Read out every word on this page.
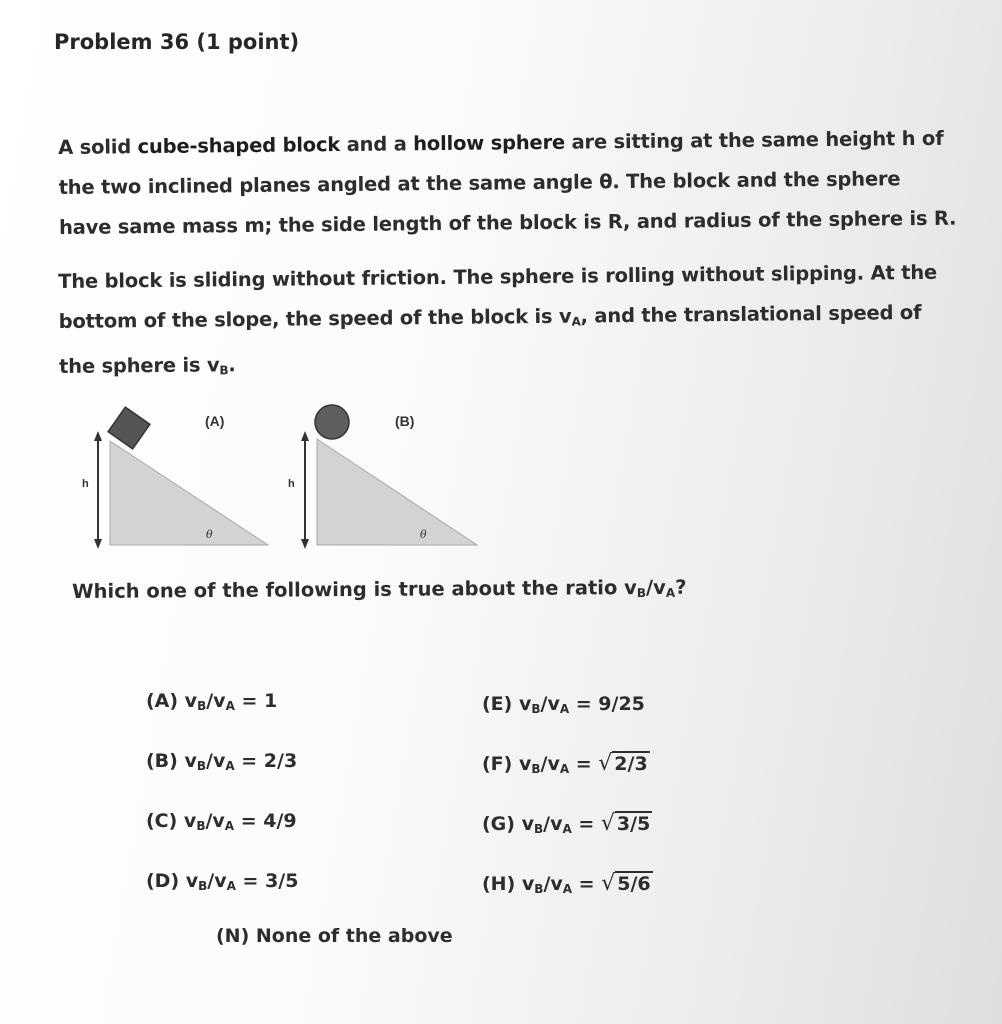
Problem 36 (1 point)
A solid cube-shaped block and a hollow sphere are sitting at the same height h of
the two inclined planes angled at the same angle θ. The block and the sphere
have same mass m; the side length of the block is R, and radius of the sphere is R.
The block is sliding without friction. The sphere is rolling without slipping. At the
bottom of the slope, the speed of the block is $v_A$, and the translational speed of
the sphere is $v_B$.
h
(A)
θ
h
(B)
θ
Which one of the following is true about the ratio $v_B/v_A$?
(A) $v_B/v_A = 1$
(B) $v_B/v_A = 2/3$
(C) $v_B/v_A = 4/9$
(D) $v_B/v_A = 3/5$
(E) $v_B/v_A = 9/25$
(F) $v_B/v_A$ = √ 2/3
(G) $v_B/v_A$ = √ 3/5
(H) $v_B/v_A$ = √ 5/6
(N) None of the above
